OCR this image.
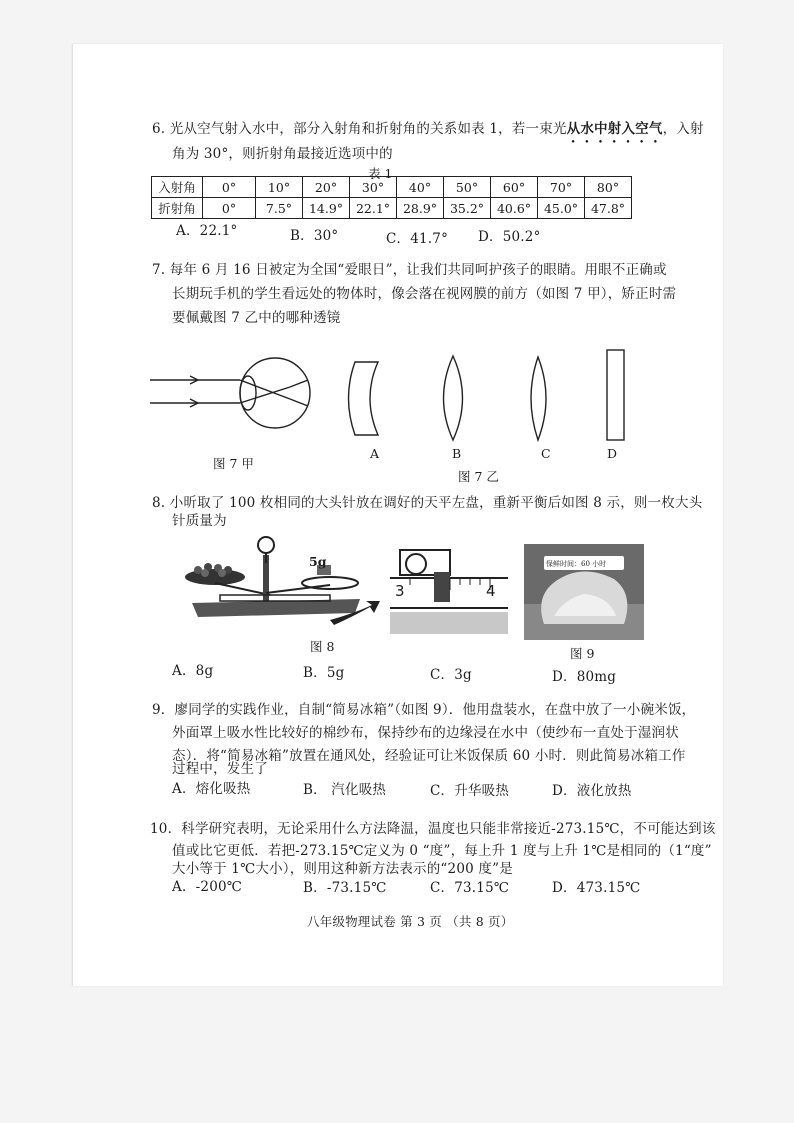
6. 光从空气射入水中，部分入射角和折射角的关系如表 1，若一束光从水中射入空气，入射
角为 30°，则折射角最接近选项中的
表 1
入射角	0°	10°	20°	30°	40°	50°	60°	70°	80°
折射角	0°	7.5°	14.9°	22.1°	28.9°	35.2°	40.6°	45.0°	47.8°
A．22.1°	B．30°	C．41.7° D．50.2°
7. 每年 6 月 16 日被定为全国“爱眼日”，让我们共同呵护孩子的眼睛。用眼不正确或
长期玩手机的学生看远处的物体时，像会落在视网膜的前方（如图 7 甲），矫正时需
要佩戴图 7 乙中的哪种透镜
图 7 甲
A	B	C	D
图 7 乙
8. 小昕取了 100 枚相同的大头针放在调好的天平左盘，重新平衡后如图 8 示，则一枚大头
针质量为
5g
3	4
保鲜时间：60 小时
图 8	图 9
A．8g	B．5g	C．3g	D．80mg
9．廖同学的实践作业，自制“简易冰箱”（如图 9）．他用盘装水，在盘中放了一小碗米饭，
外面罩上吸水性比较好的棉纱布，保持纱布的边缘浸在水中（使纱布一直处于湿润状
态）．将“简易冰箱”放置在通风处，经验证可让米饭保质 60 小时．则此简易冰箱工作
过程中，发生了
A．熔化吸热	B． 汽化吸热	C．升华吸热	D．液化放热
10．科学研究表明，无论采用什么方法降温，温度也只能非常接近-273.15℃，不可能达到该
值或比它更低．若把-273.15℃定义为 0 “度”，每上升 1 度与上升 1℃是相同的（1“度”
大小等于 1℃大小），则用这种新方法表示的“200 度”是
A．-200℃	B．-73.15℃	C．73.15℃	D．473.15℃
八年级物理试卷 第 3 页 （共 8 页）
